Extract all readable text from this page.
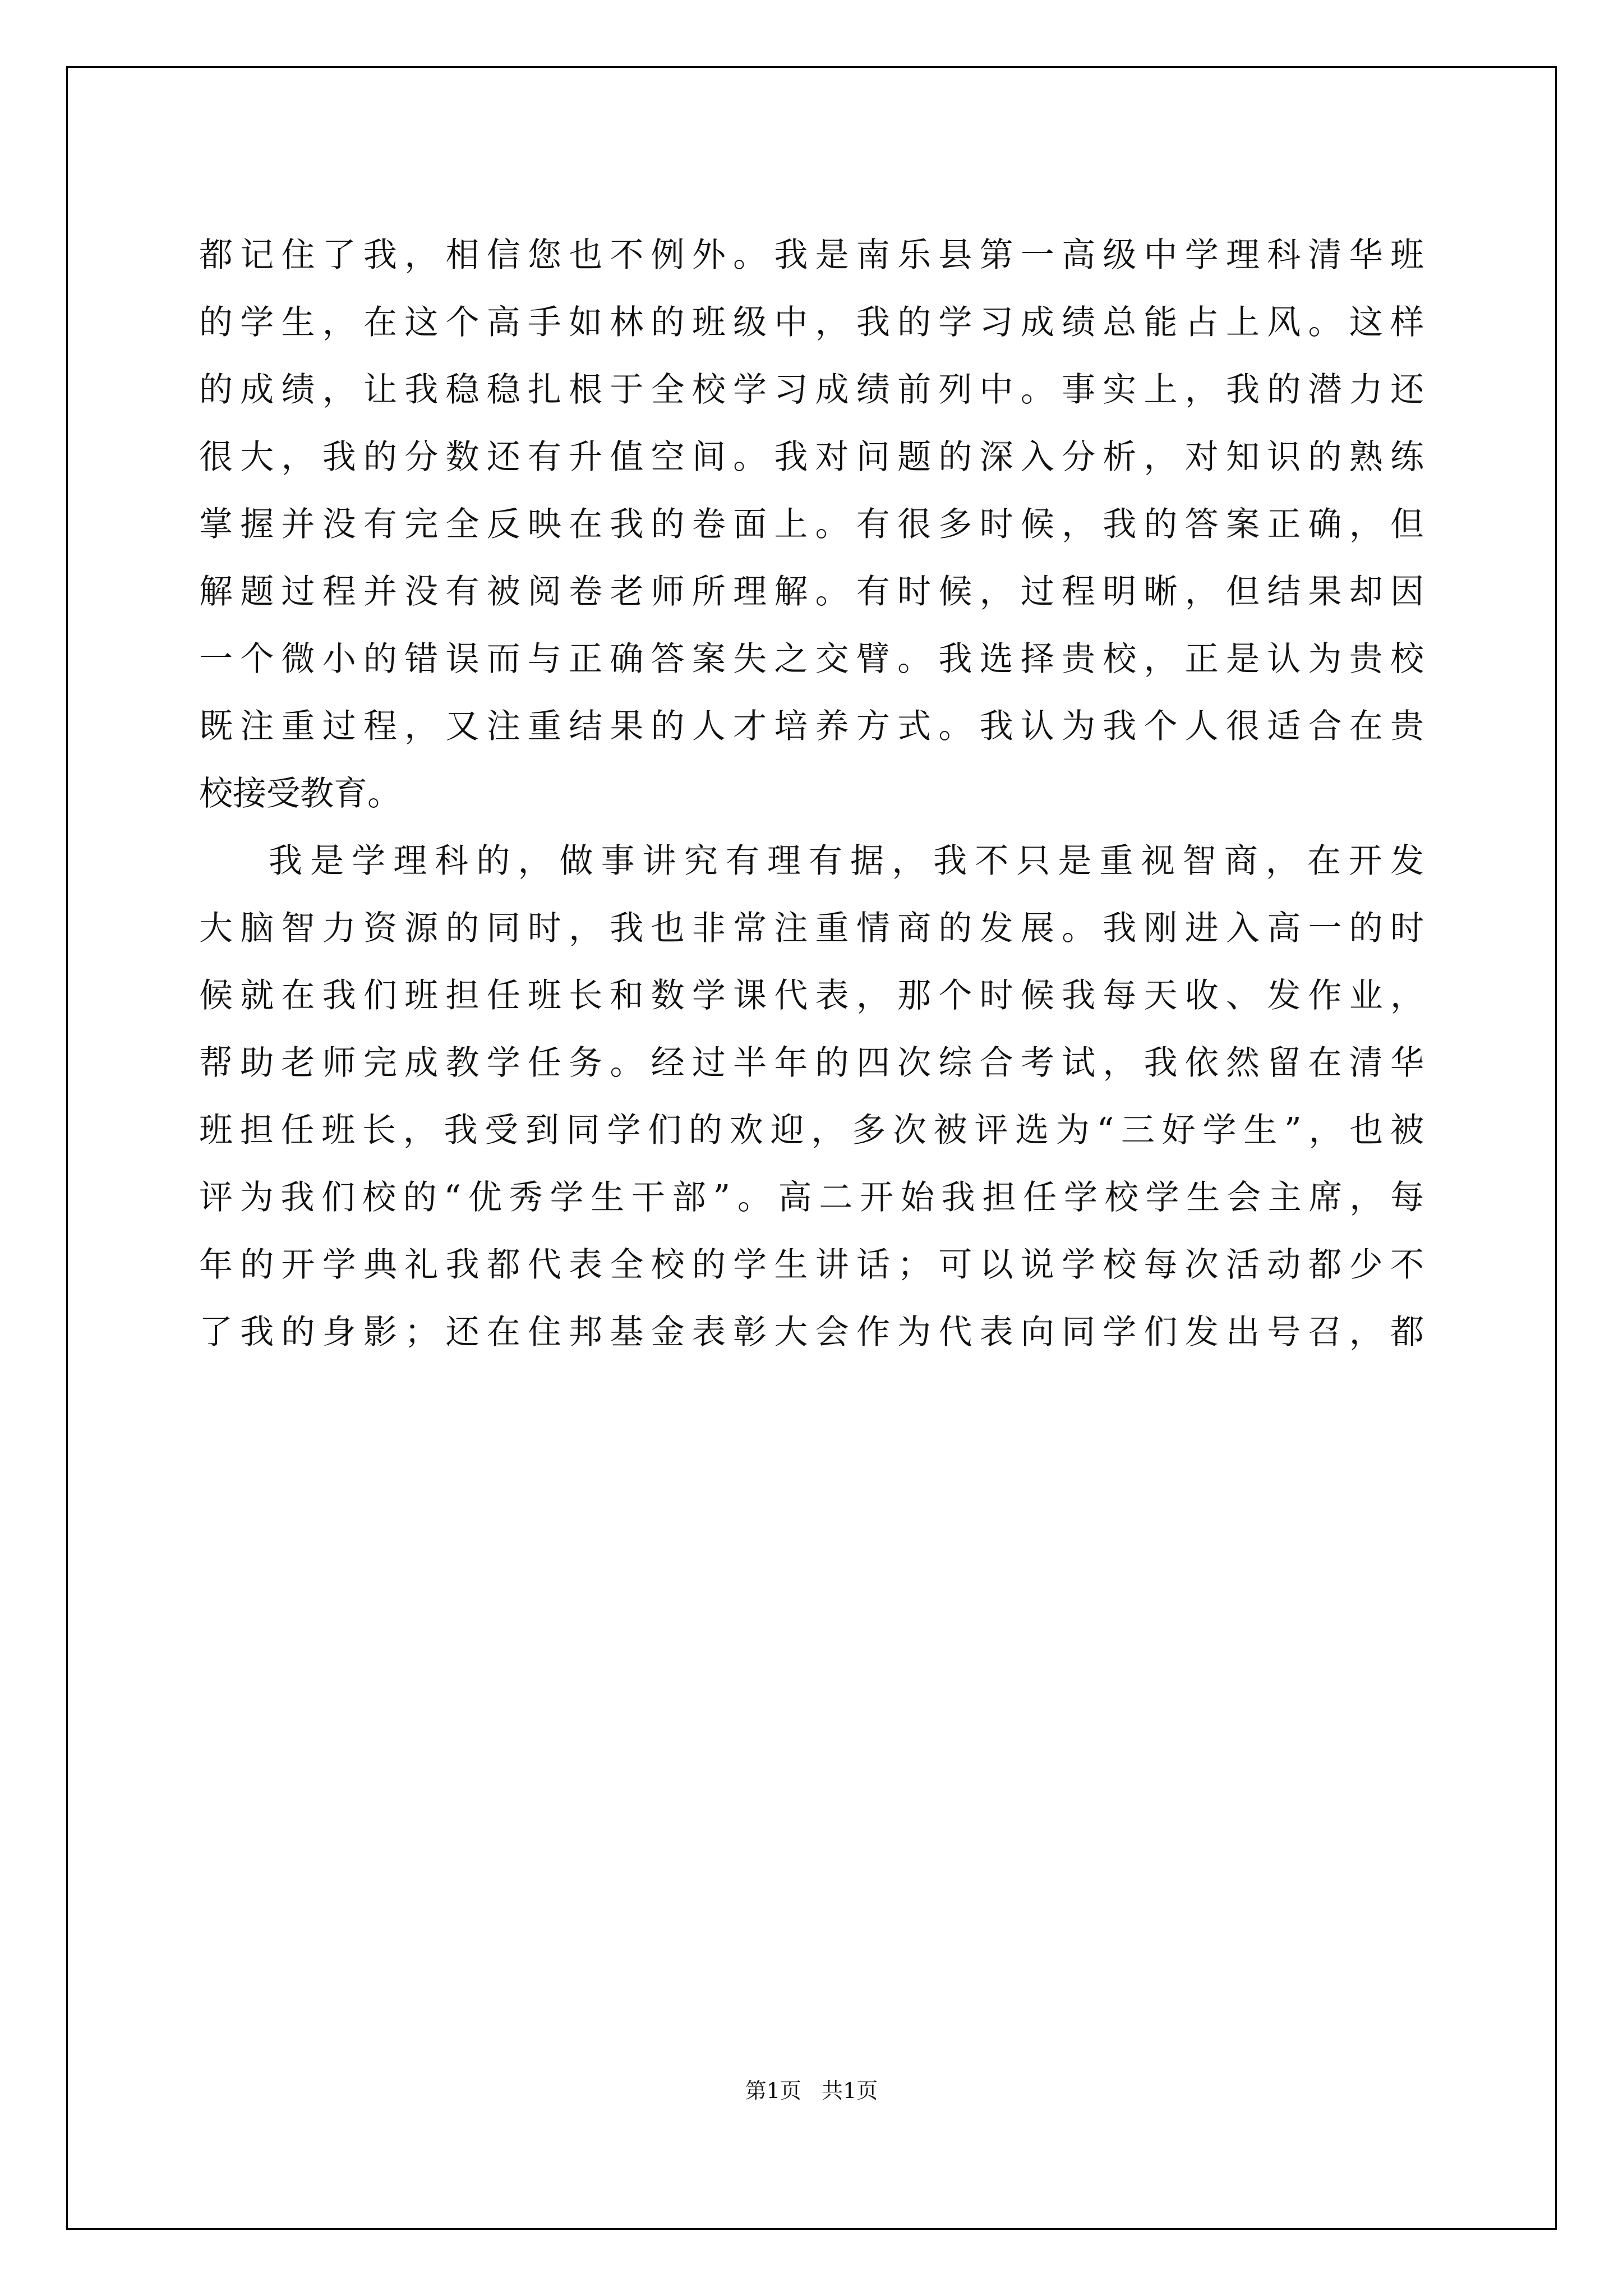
都记住了我，相信您也不例外。我是南乐县第一高级中学理科清华班
的学生，在这个高手如林的班级中，我的学习成绩总能占上风。这样
的成绩，让我稳稳扎根于全校学习成绩前列中。事实上，我的潜力还
很大，我的分数还有升值空间。我对问题的深入分析，对知识的熟练
掌握并没有完全反映在我的卷面上。有很多时候，我的答案正确，但
解题过程并没有被阅卷老师所理解。有时候，过程明晰，但结果却因
一个微小的错误而与正确答案失之交臂。我选择贵校，正是认为贵校
既注重过程，又注重结果的人才培养方式。我认为我个人很适合在贵
校接受教育。
我是学理科的，做事讲究有理有据，我不只是重视智商，在开发
大脑智力资源的同时，我也非常注重情商的发展。我刚进入高一的时
候就在我们班担任班长和数学课代表，那个时候我每天收、发作业，
帮助老师完成教学任务。经过半年的四次综合考试，我依然留在清华
班担任班长，我受到同学们的欢迎，多次被评选为“三好学生”，也被
评为我们校的“优秀学生干部”。高二开始我担任学校学生会主席，每
年的开学典礼我都代表全校的学生讲话；可以说学校每次活动都少不
了我的身影；还在住邦基金表彰大会作为代表向同学们发出号召，都
第1页   共1页
